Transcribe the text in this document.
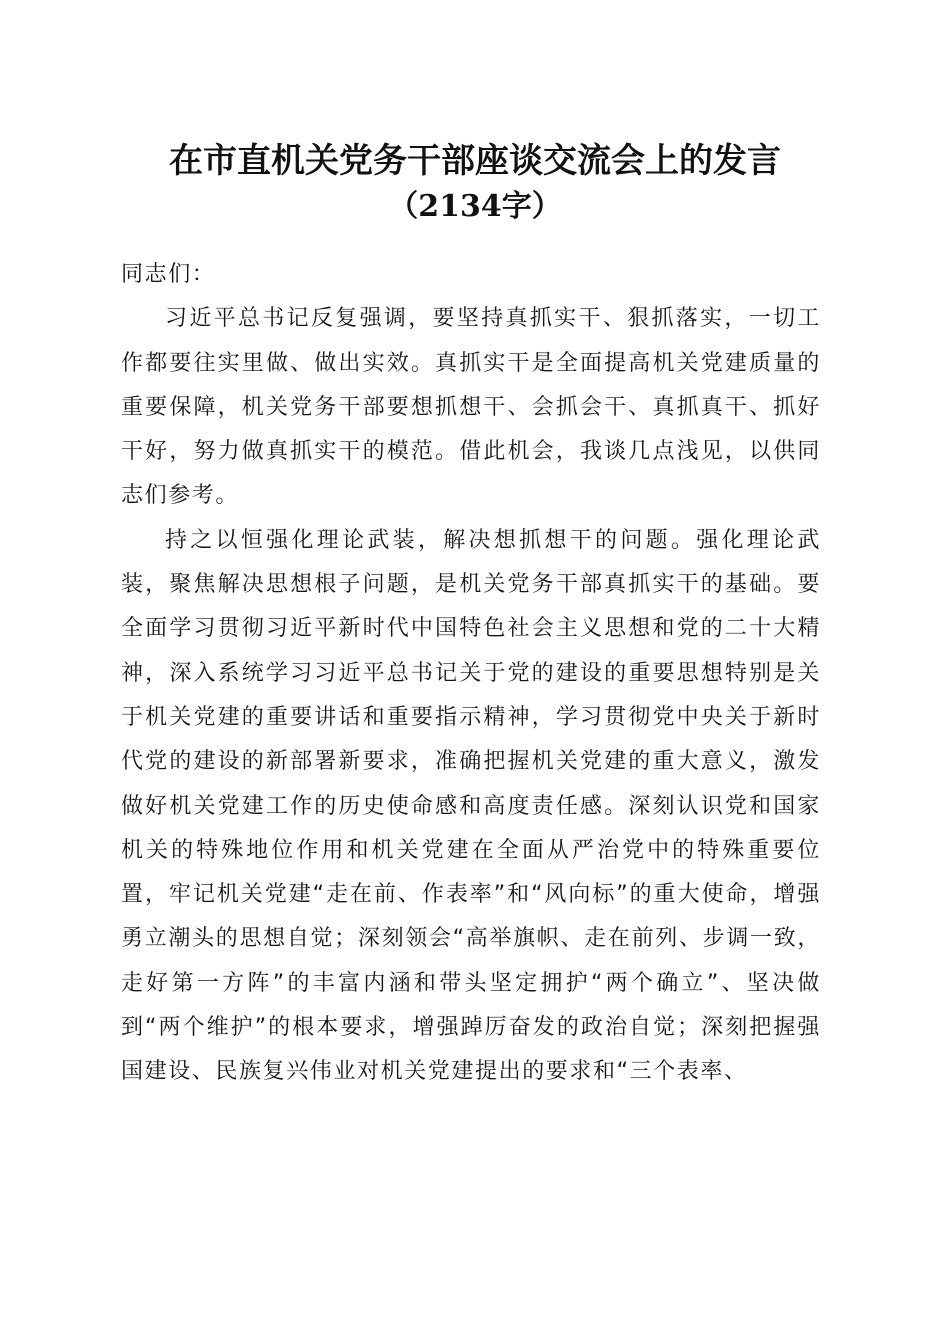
在市直机关党务干部座谈交流会上的发言
（2134字）

同志们：

习近平总书记反复强调，要坚持真抓实干、狠抓落实，一切工作都要往实里做、做出实效。真抓实干是全面提高机关党建质量的重要保障，机关党务干部要想抓想干、会抓会干、真抓真干、抓好干好，努力做真抓实干的模范。借此机会，我谈几点浅见，以供同志们参考。

持之以恒强化理论武装，解决想抓想干的问题。强化理论武装，聚焦解决思想根子问题，是机关党务干部真抓实干的基础。要全面学习贯彻习近平新时代中国特色社会主义思想和党的二十大精神，深入系统学习习近平总书记关于党的建设的重要思想特别是关于机关党建的重要讲话和重要指示精神，学习贯彻党中央关于新时代党的建设的新部署新要求，准确把握机关党建的重大意义，激发做好机关党建工作的历史使命感和高度责任感。深刻认识党和国家机关的特殊地位作用和机关党建在全面从严治党中的特殊重要位置，牢记机关党建“走在前、作表率”和“风向标”的重大使命，增强勇立潮头的思想自觉；深刻领会“高举旗帜、走在前列、步调一致，走好第一方阵”的丰富内涵和带头坚定拥护“两个确立”、坚决做到“两个维护”的根本要求，增强踔厉奋发的政治自觉；深刻把握强国建设、民族复兴伟业对机关党建提出的要求和“三个表率、
